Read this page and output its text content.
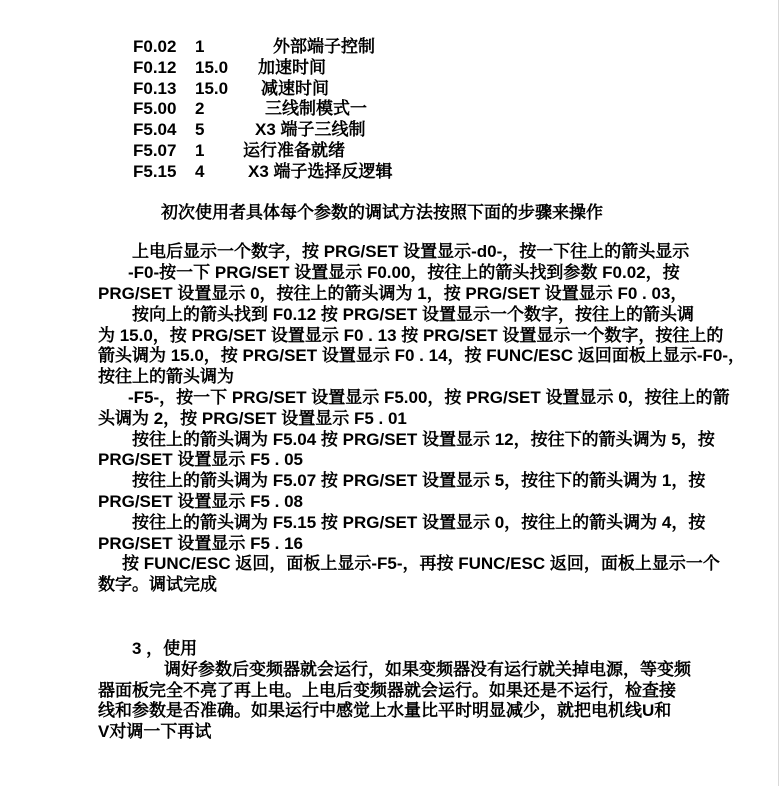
F0.02	1	外部端子控制
F0.12	15.0	加速时间
F0.13	15.0	减速时间
F5.00	2	三线制模式一
F5.04	5	X3 端子三线制
F5.07	1	运行准备就绪
F5.15	4	X3 端子选择反逻辑
初次使用者具体每个参数的调试方法按照下面的步骤来操作
上电后显示一个数字，按 PRG/SET 设置显示-d0-，按一下往上的箭头显示
-F0-按一下 PRG/SET 设置显示 F0.00，按往上的箭头找到参数 F0.02，按
PRG/SET 设置显示 0，按往上的箭头调为 1，按 PRG/SET 设置显示 F0 . 03，
按向上的箭头找到 F0.12 按 PRG/SET 设置显示一个数字，按往上的箭头调
为 15.0，按 PRG/SET 设置显示 F0 . 13 按 PRG/SET 设置显示一个数字，按往上的
箭头调为 15.0，按 PRG/SET 设置显示 F0 . 14，按 FUNC/ESC 返回面板上显示-F0-，
按往上的箭头调为
-F5-，按一下 PRG/SET 设置显示 F5.00，按 PRG/SET 设置显示 0，按往上的箭
头调为 2，按 PRG/SET 设置显示 F5 . 01
按往上的箭头调为 F5.04 按 PRG/SET 设置显示 12，按往下的箭头调为 5，按
PRG/SET 设置显示 F5 . 05
按往上的箭头调为 F5.07 按 PRG/SET 设置显示 5，按往下的箭头调为 1，按
PRG/SET 设置显示 F5 . 08
按往上的箭头调为 F5.15 按 PRG/SET 设置显示 0，按往上的箭头调为 4，按
PRG/SET 设置显示 F5 . 16
按 FUNC/ESC 返回，面板上显示-F5-，再按 FUNC/ESC 返回，面板上显示一个
数字。调试完成
3 ，使用
调好参数后变频器就会运行，如果变频器没有运行就关掉电源，等变频
器面板完全不亮了再上电。上电后变频器就会运行。如果还是不运行，检查接
线和参数是否准确。如果运行中感觉上水量比平时明显减少，就把电机线U和
V对调一下再试
